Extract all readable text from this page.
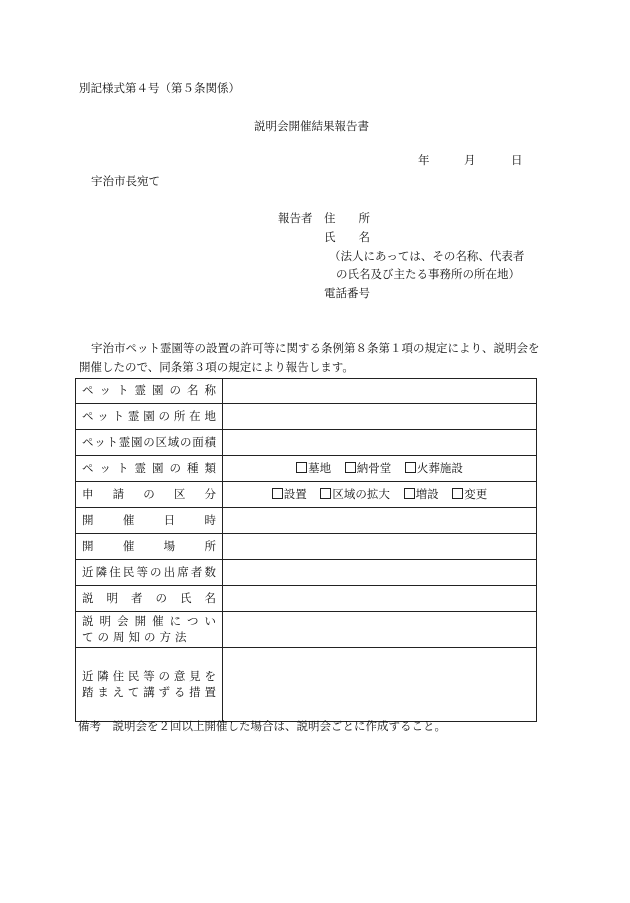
別記様式第４号（第５条関係）
説明会開催結果報告書
年	月	日
宇治市長宛て
報告者 住　　所
氏　　名
（法人にあっては、その名称、代表者
の氏名及び主たる事務所の所在地）
電話番号
宇治市ペット霊園等の設置の許可等に関する条例第８条第１項の規定により、説明会を
開催したので、同条第３項の規定により報告します。
ペット霊園の名称	
ペット霊園の所在地	
ペット霊園の区域の面積	
ペット霊園の種類	墓地 納骨堂 火葬施設
申請の区分	設置 区域の拡大 増設 変更
開催日時	
開催場所	
近隣住民等の出席者数	
説明者の氏名	

説明会開催につい
ての周知の方法	

近隣住民等の意見を
踏まえて講ずる措置	

備考　説明会を２回以上開催した場合は、説明会ごとに作成すること。
